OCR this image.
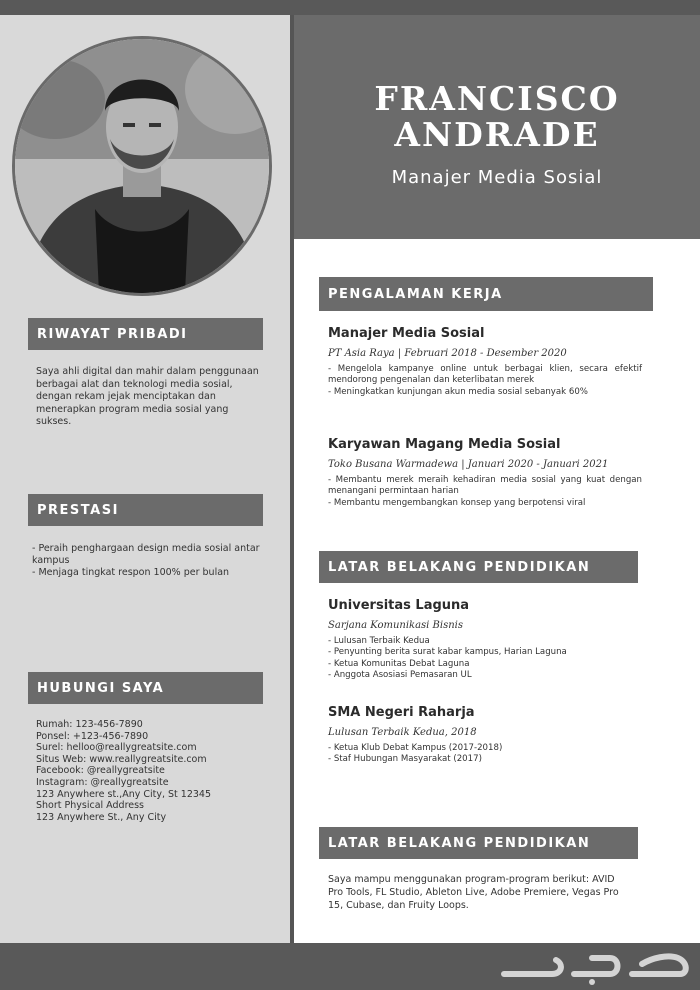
FRANCISCO ANDRADE
Manajer Media Sosial
RIWAYAT PRIBADI
Saya ahli digital dan mahir dalam penggunaan berbagai alat dan teknologi media sosial, dengan rekam jejak menciptakan dan menerapkan program media sosial yang sukses.
PRESTASI
- Peraih penghargaan design media sosial antar kampus
- Menjaga tingkat respon 100% per bulan
HUBUNGI SAYA
Rumah: 123-456-7890
Ponsel: +123-456-7890
Surel: helloo@reallygreatsite.com
Situs Web: www.reallygreatsite.com
Facebook: @reallygreatsite
Instagram: @reallygreatsite
123 Anywhere st.,Any City, St 12345
Short Physical Address
123 Anywhere St., Any City
PENGALAMAN KERJA
Manajer Media Sosial
PT Asia Raya | Februari 2018 - Desember 2020
- Mengelola kampanye online untuk berbagai klien, secara efektif mendorong pengenalan dan keterlibatan merek
- Meningkatkan kunjungan akun media sosial sebanyak 60%
Karyawan Magang Media Sosial
Toko Busana Warmadewa | Januari 2020 - Januari 2021
- Membantu merek meraih kehadiran media sosial yang kuat dengan menangani permintaan harian
- Membantu mengembangkan konsep yang berpotensi viral
LATAR BELAKANG PENDIDIKAN
Universitas Laguna
Sarjana Komunikasi Bisnis
- Lulusan Terbaik Kedua
- Penyunting berita surat kabar kampus, Harian Laguna
- Ketua Komunitas Debat Laguna
- Anggota Asosiasi Pemasaran UL
SMA Negeri Raharja
Lulusan Terbaik Kedua, 2018
- Ketua Klub Debat Kampus (2017-2018)
- Staf Hubungan Masyarakat (2017)
LATAR BELAKANG PENDIDIKAN
Saya mampu menggunakan program-program berikut: AVID Pro Tools, FL Studio, Ableton Live, Adobe Premiere, Vegas Pro 15, Cubase, dan Fruity Loops.
